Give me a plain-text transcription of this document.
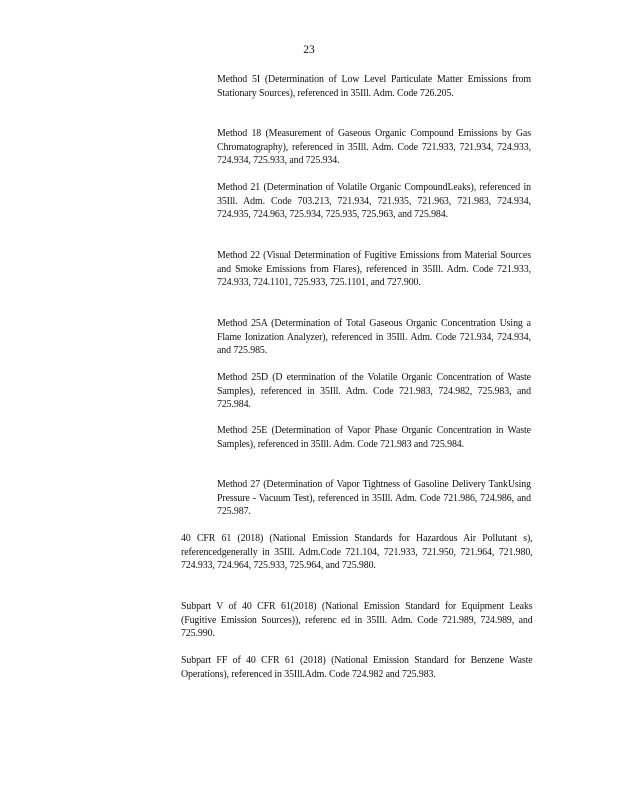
23

Method 5I (Determination of Low Level Particulate Matter Emissions from Stationary Sources), referenced in 35Ill. Adm. Code 726.205.

Method 18 (Measurement of Gaseous Organic Compound Emissions by Gas Chromatography), referenced in 35Ill. Adm. Code 721.933, 721.934, 724.933, 724.934, 725.933, and 725.934.

Method 21 (Determination of Volatile Organic CompoundLeaks), referenced in 35Ill. Adm. Code 703.213, 721.934, 721.935, 721.963, 721.983, 724.934, 724.935, 724.963, 725.934, 725.935, 725.963, and 725.984.

Method 22 (Visual Determination of Fugitive Emissions from Material Sources and Smoke Emissions from Flares), referenced in 35Ill. Adm. Code 721.933, 724.933, 724.1101, 725.933, 725.1101, and 727.900.

Method 25A (Determination of Total Gaseous Organic Concentration Using a Flame Ionization Analyzer), referenced in 35Ill. Adm. Code 721.934, 724.934, and 725.985.

Method 25D (D etermination of the Volatile Organic Concentration of Waste Samples), referenced in 35Ill. Adm. Code 721.983, 724.982, 725.983, and 725.984.

Method 25E (Determination of Vapor Phase Organic Concentration in Waste Samples), referenced in 35Ill. Adm. Code 721.983 and 725.984.

Method 27 (Determination of Vapor Tightness of Gasoline Delivery TankUsing Pressure - Vacuum Test), referenced in 35Ill. Adm. Code 721.986, 724.986, and 725.987.

40 CFR 61 (2018) (National Emission Standards for Hazardous Air Pollutant s), referencedgenerally in 35Ill. Adm.Code 721.104, 721.933, 721.950, 721.964, 721.980, 724.933, 724.964, 725.933, 725.964, and 725.980.

Subpart V of 40 CFR 61(2018) (National Emission Standard for Equipment Leaks (Fugitive Emission Sources)), referenc ed in 35Ill. Adm. Code 721.989, 724.989, and 725.990.

Subpart FF of 40 CFR 61 (2018) (National Emission Standard for Benzene Waste Operations), referenced in 35Ill.Adm. Code 724.982 and 725.983.
